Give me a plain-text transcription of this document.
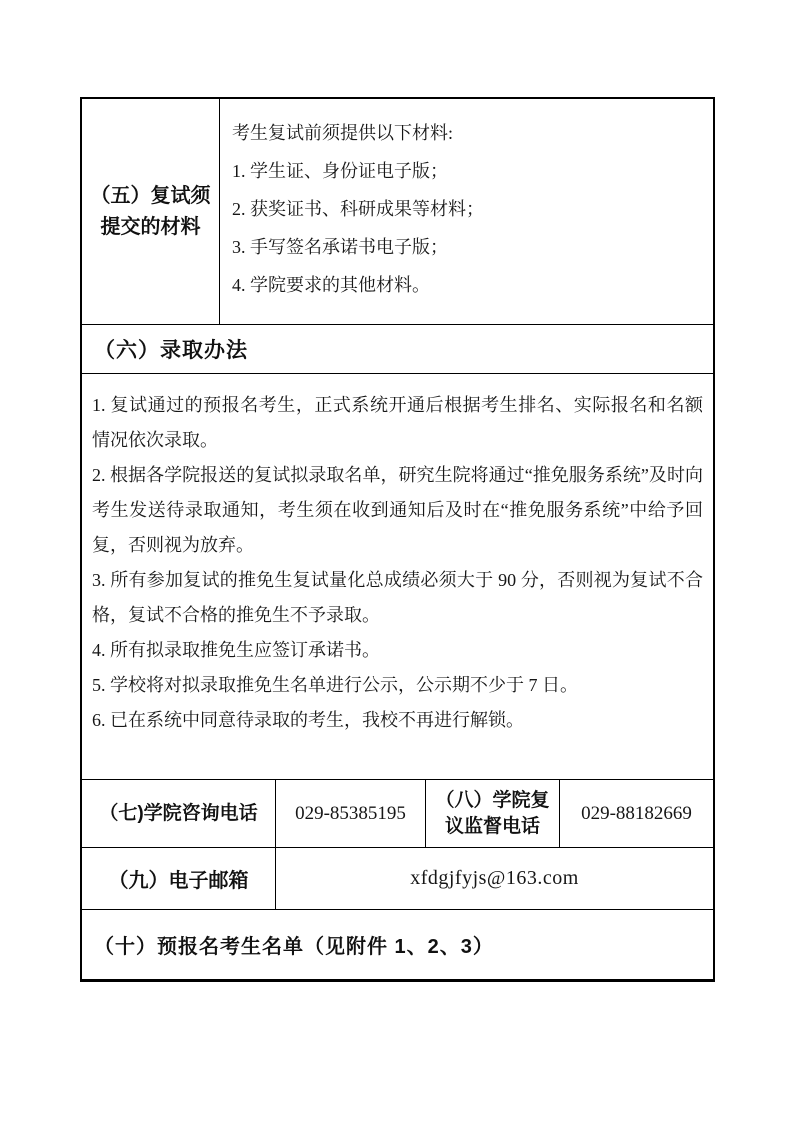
（五）复试须提交的材料

考生复试前须提供以下材料:

1. 学生证、身份证电子版；

2. 获奖证书、科研成果等材料；

3. 手写签名承诺书电子版；

4. 学院要求的其他材料。

（六）录取办法

1. 复试通过的预报名考生，正式系统开通后根据考生排名、实际报名和名额情况依次录取。

2. 根据各学院报送的复试拟录取名单，研究生院将通过“推免服务系统”及时向考生发送待录取通知，考生须在收到通知后及时在“推免服务系统”中给予回复，否则视为放弃。

3. 所有参加复试的推免生复试量化总成绩必须大于 90 分，否则视为复试不合格，复试不合格的推免生不予录取。

4. 所有拟录取推免生应签订承诺书。

5. 学校将对拟录取推免生名单进行公示，公示期不少于 7 日。

6. 已在系统中同意待录取的考生，我校不再进行解锁。

（七)学院咨询电话	029-85385195
（八）学院复议监督电话
029-88182669
（九）电子邮箱	xfdgjfyjs@163.com
（十）预报名考生名单（见附件 1、2、3）
